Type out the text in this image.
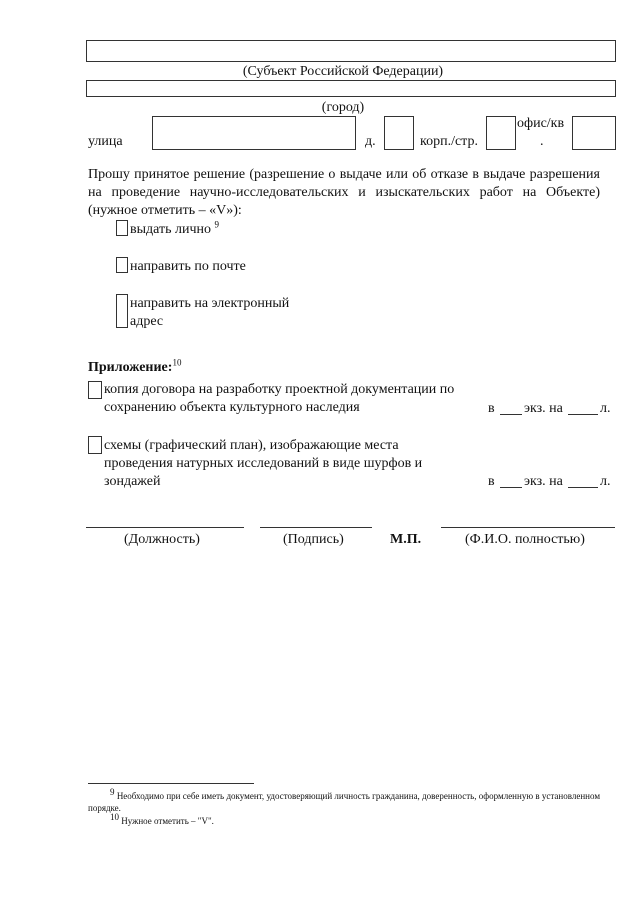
(Субъект Российской Федерации)
(город)
улица	д.	корп./стр.
офис/кв
.
Прошу принятое решение (разрешение о выдаче или об отказе в выдаче разрешения на проведение научно-исследовательских и изыскательских работ на Объекте) (нужное отметить – «V»):
выдать лично $^9$
направить по почте
направить на электронный
адрес
Приложение:$^{10}$
копия договора на разработку проектной документации по
сохранению объекта культурного наследия	в экз. на	л.
схемы (графический план), изображающие места
проведения натурных исследований в виде шурфов и
зондажей	в экз. на	л.
(Должность)	(Подпись)	М.П.	(Ф.И.О. полностью)
$^9$ Необходимо при себе иметь документ, удостоверяющий личность гражданина, доверенность, оформленную в установленном порядке.
$^{10}$ Нужное отметить – "V".
